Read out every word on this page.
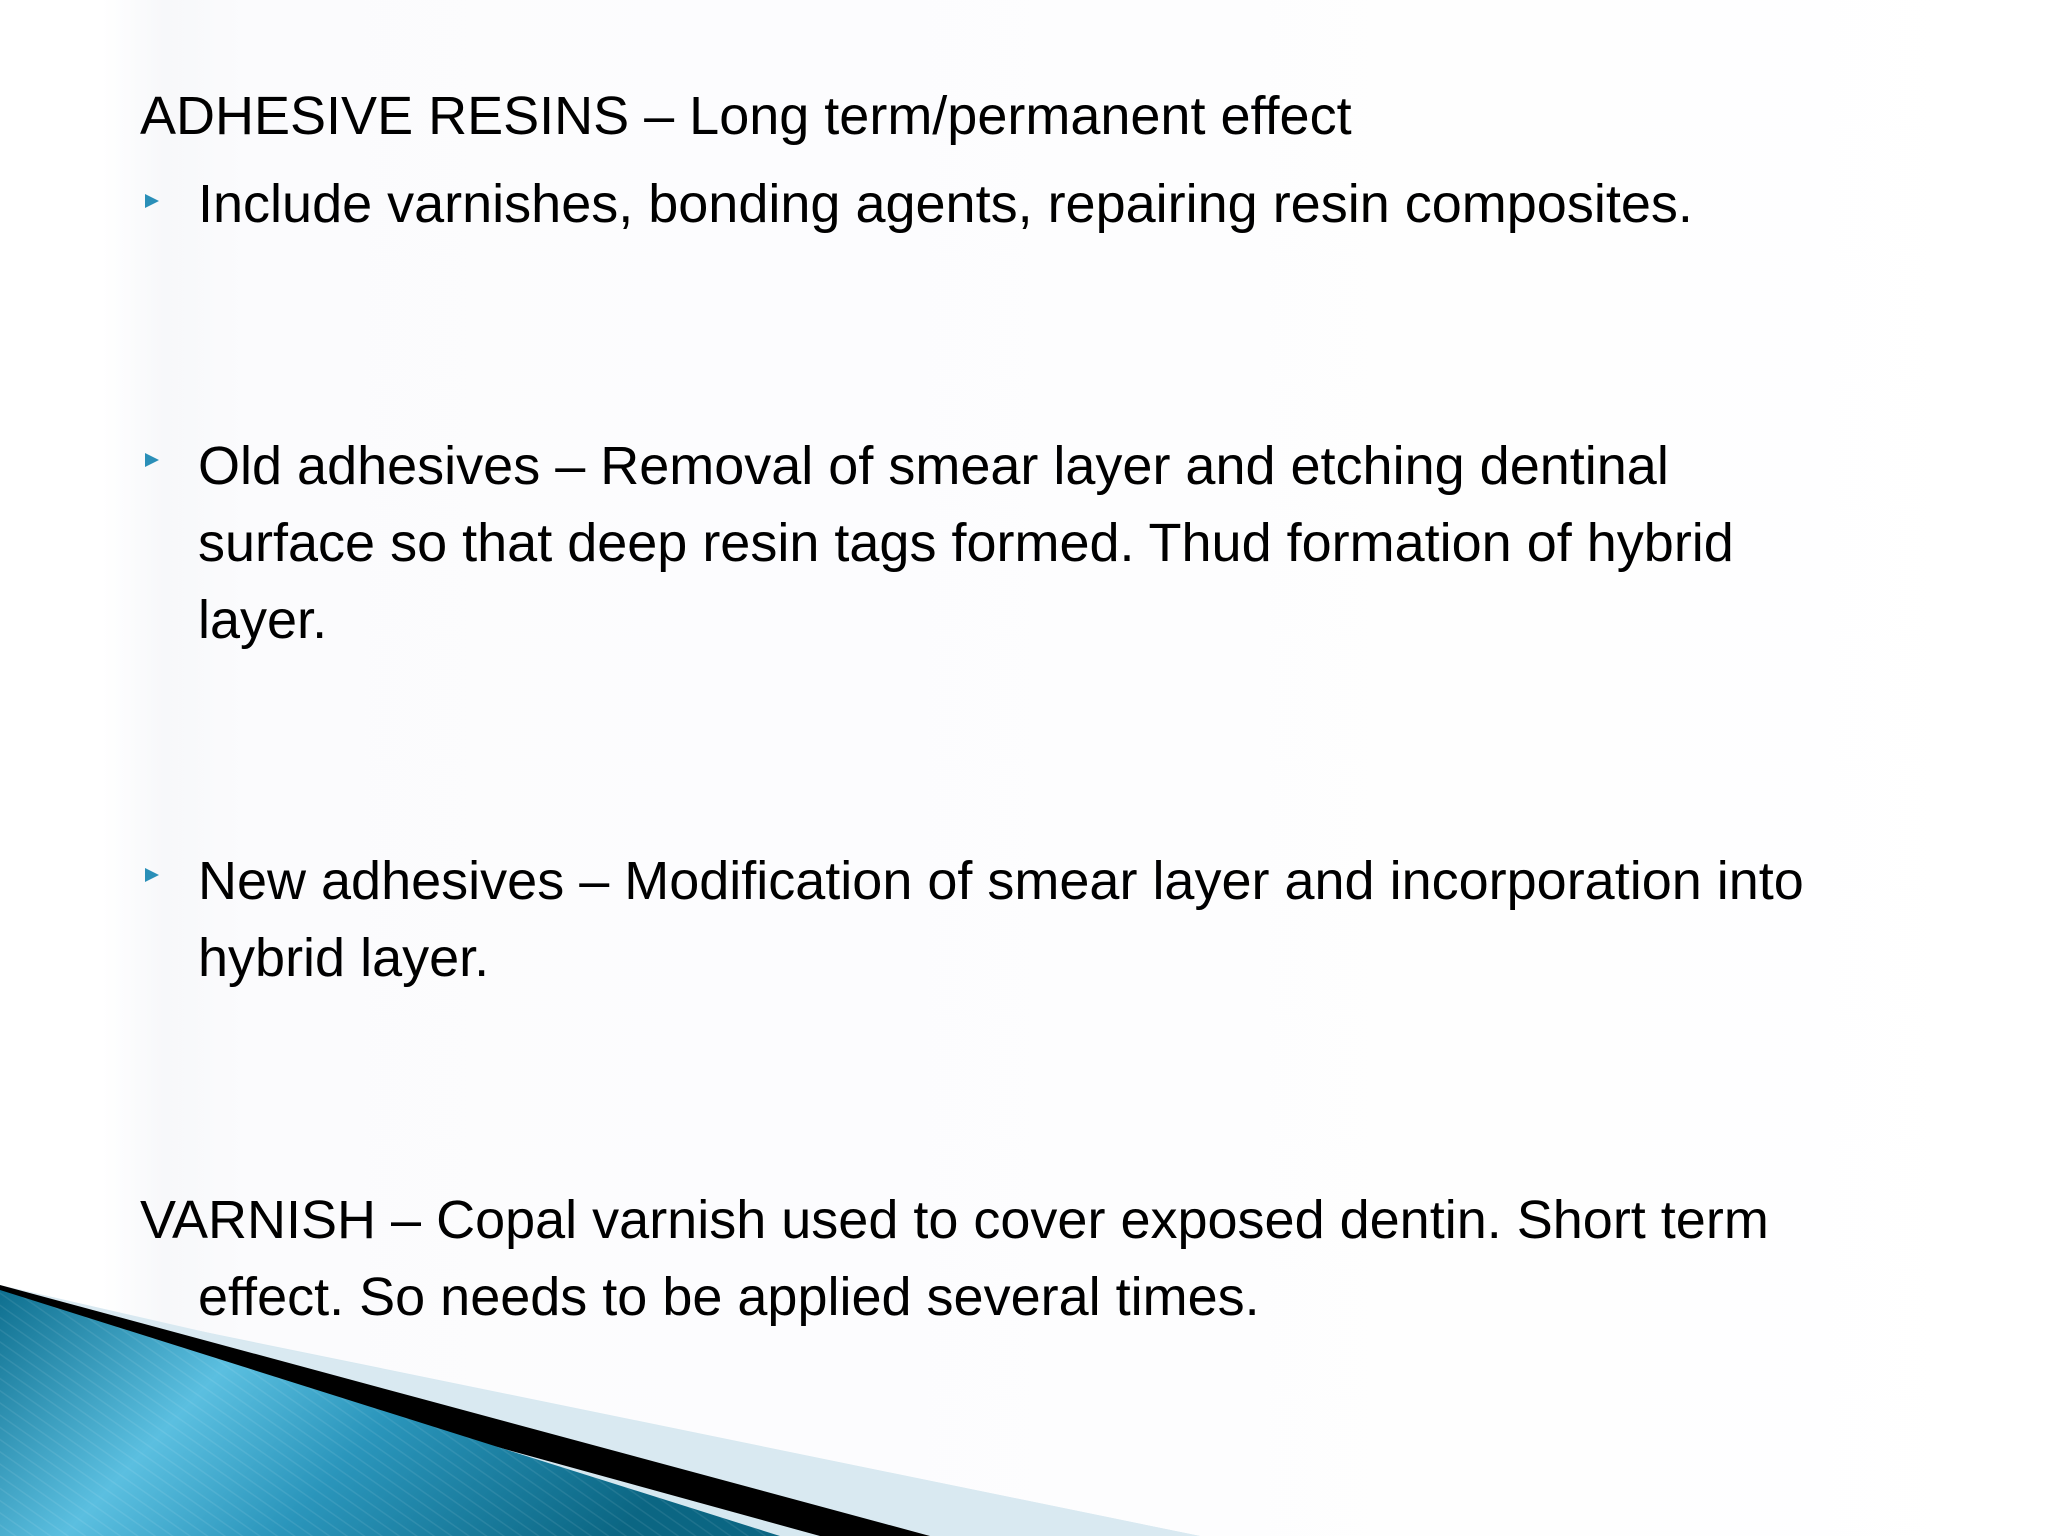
ADHESIVE RESINS – Long term/permanent effect

Include varnishes, bonding agents, repairing resin composites.

Old adhesives – Removal of smear layer and etching dentinal

surface so that deep resin tags formed. Thud formation of hybrid

layer.

New adhesives – Modification of smear layer and incorporation into

hybrid layer.

VARNISH – Copal varnish used to cover exposed dentin. Short term

effect. So needs to be applied several times.
